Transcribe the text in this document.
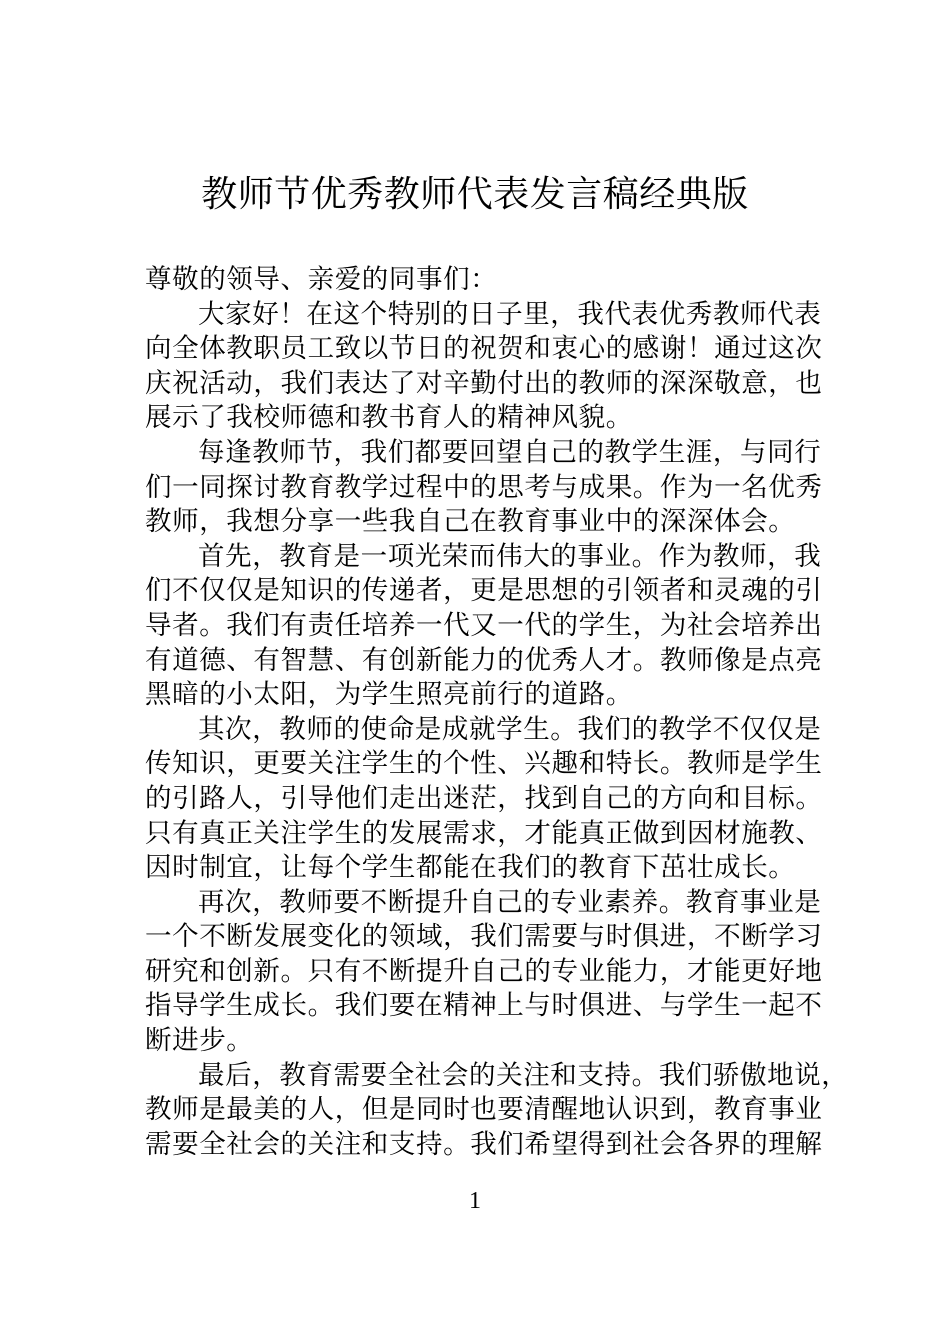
教师节优秀教师代表发言稿经典版
尊敬的领导、亲爱的同事们：
大家好！在这个特别的日子里，我代表优秀教师代表
向全体教职员工致以节日的祝贺和衷心的感谢！通过这次
庆祝活动，我们表达了对辛勤付出的教师的深深敬意，也
展示了我校师德和教书育人的精神风貌。
每逢教师节，我们都要回望自己的教学生涯，与同行
们一同探讨教育教学过程中的思考与成果。作为一名优秀
教师，我想分享一些我自己在教育事业中的深深体会。
首先，教育是一项光荣而伟大的事业。作为教师，我
们不仅仅是知识的传递者，更是思想的引领者和灵魂的引
导者。我们有责任培养一代又一代的学生，为社会培养出
有道德、有智慧、有创新能力的优秀人才。教师像是点亮
黑暗的小太阳，为学生照亮前行的道路。
其次，教师的使命是成就学生。我们的教学不仅仅是
传知识，更要关注学生的个性、兴趣和特长。教师是学生
的引路人，引导他们走出迷茫，找到自己的方向和目标。
只有真正关注学生的发展需求，才能真正做到因材施教、
因时制宜，让每个学生都能在我们的教育下茁壮成长。
再次，教师要不断提升自己的专业素养。教育事业是
一个不断发展变化的领域，我们需要与时俱进，不断学习
研究和创新。只有不断提升自己的专业能力，才能更好地
指导学生成长。我们要在精神上与时俱进、与学生一起不
断进步。
最后，教育需要全社会的关注和支持。我们骄傲地说，
教师是最美的人，但是同时也要清醒地认识到，教育事业
需要全社会的关注和支持。我们希望得到社会各界的理解
1
